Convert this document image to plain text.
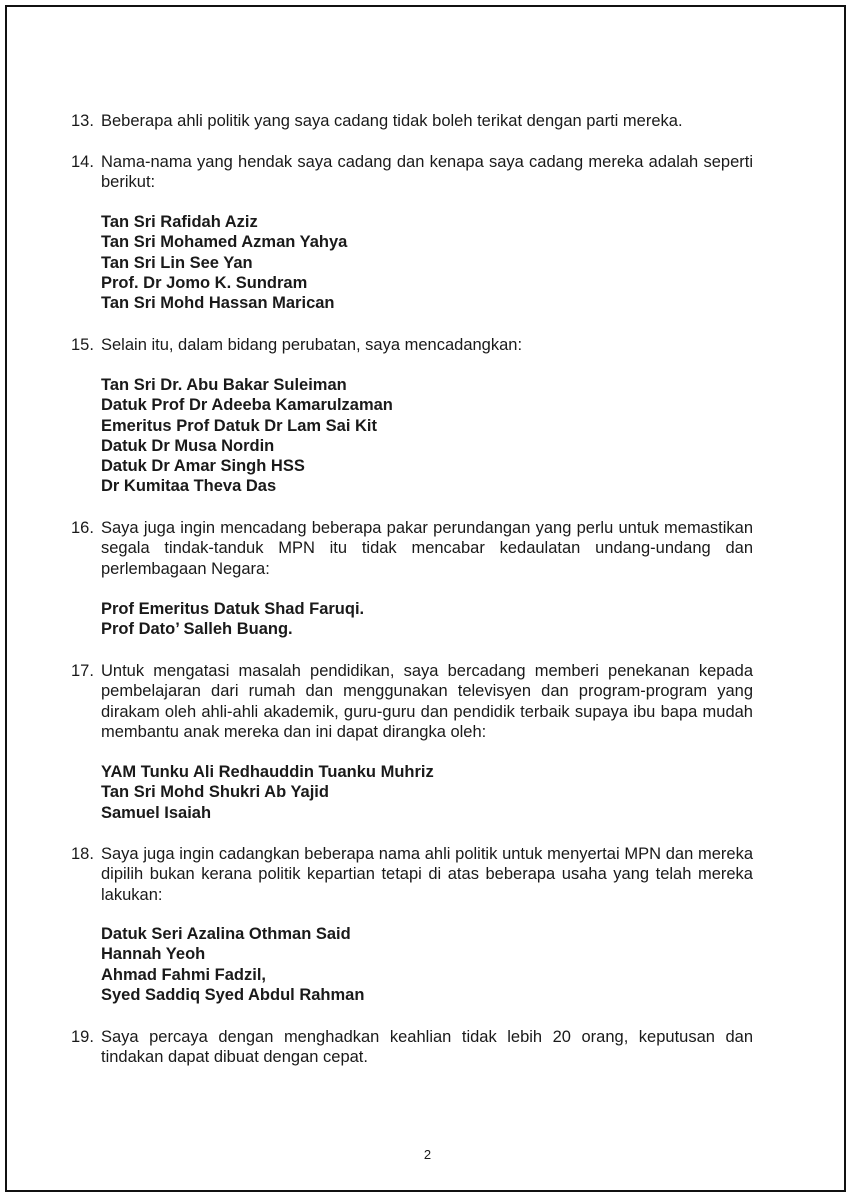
13. Beberapa ahli politik yang saya cadang tidak boleh terikat dengan parti mereka.
14. Nama-nama yang hendak saya cadang dan kenapa saya cadang mereka adalah seperti berikut:
Tan Sri Rafidah Aziz
Tan Sri Mohamed Azman Yahya
Tan Sri Lin See Yan
Prof. Dr Jomo K. Sundram
Tan Sri Mohd Hassan Marican
15. Selain itu, dalam bidang perubatan, saya mencadangkan:
Tan Sri Dr. Abu Bakar Suleiman
Datuk Prof Dr Adeeba Kamarulzaman
Emeritus Prof Datuk Dr Lam Sai Kit
Datuk Dr Musa Nordin
Datuk Dr Amar Singh HSS
Dr Kumitaa Theva Das
16. Saya juga ingin mencadang beberapa pakar perundangan yang perlu untuk memastikan segala tindak-tanduk MPN itu tidak mencabar kedaulatan undang-undang dan perlembagaan Negara:
Prof Emeritus Datuk Shad Faruqi.
Prof Dato’ Salleh Buang.
17. Untuk mengatasi masalah pendidikan, saya bercadang memberi penekanan kepada pembelajaran dari rumah dan menggunakan televisyen dan program-program yang dirakam oleh ahli-ahli akademik, guru-guru dan pendidik terbaik supaya ibu bapa mudah membantu anak mereka dan ini dapat dirangka oleh:
YAM Tunku Ali Redhauddin Tuanku Muhriz
Tan Sri Mohd Shukri Ab Yajid
Samuel Isaiah
18. Saya juga ingin cadangkan beberapa nama ahli politik untuk menyertai MPN dan mereka dipilih bukan kerana politik kepartian tetapi di atas beberapa usaha yang telah mereka lakukan:
Datuk Seri Azalina Othman Said
Hannah Yeoh
Ahmad Fahmi Fadzil,
Syed Saddiq Syed Abdul Rahman
19. Saya percaya dengan menghadkan keahlian tidak lebih 20 orang, keputusan dan tindakan dapat dibuat dengan cepat.
2
